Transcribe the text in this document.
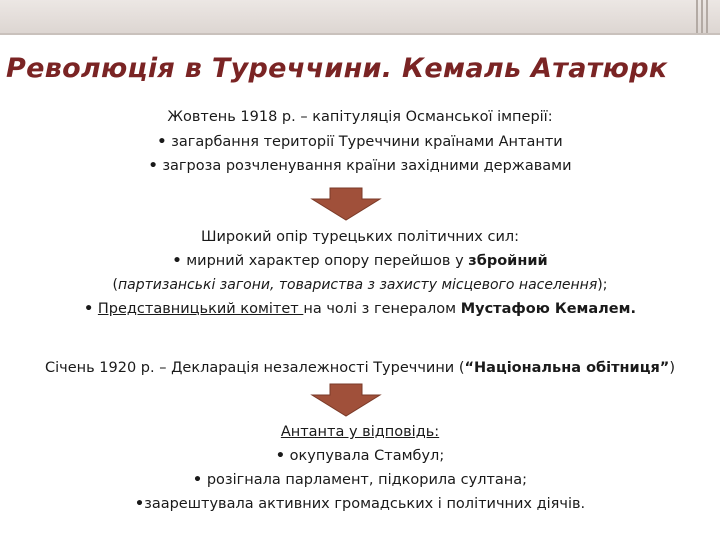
Революція в Туреччини. Кемаль Ататюрк
Жовтень 1918 р. – капітуляція Османської імперії:
• загарбання території Туреччини країнами Антанти
• загроза розчленування країни західними державами
Широкий опір турецьких політичних сил:
• мирний характер опору перейшов у збройний
(партизанські загони, товариства з захисту місцевого населення);
• Представницький комітет на чолі з генералом Мустафою Кемалем.
Січень 1920 р. – Декларація незалежності Туреччини (“Національна обітниця”)
Антанта у відповідь:
• окупувала Стамбул;
• розігнала парламент, підкорила султана;
•заарештувала активних громадських і політичних діячів.
